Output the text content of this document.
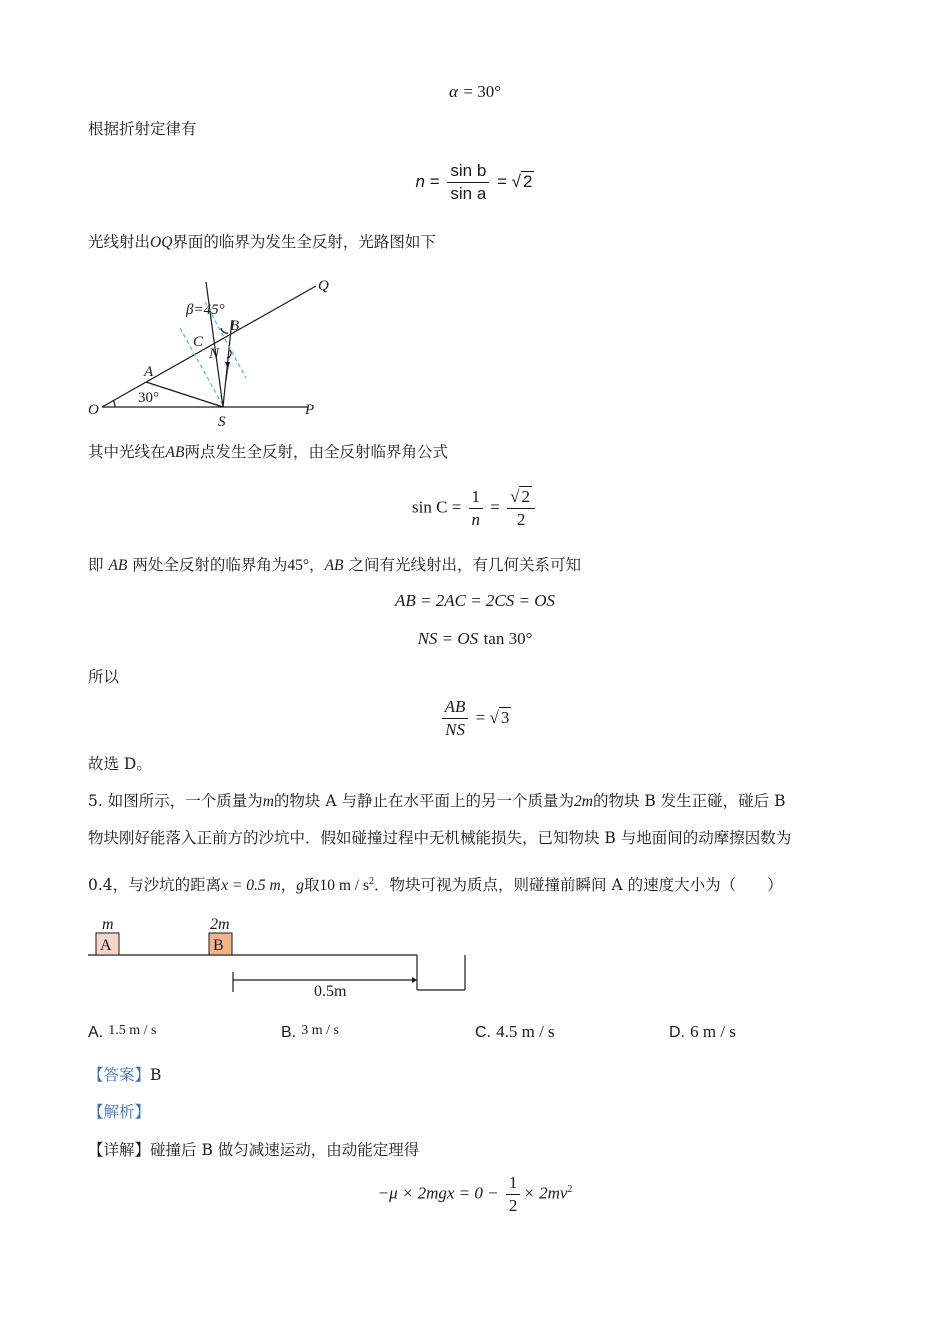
α = 30°
根据折射定律有
$n = \frac{\text{sin b}}{\text{sin a}}$ = √ 2
光线射出OQ界面的临界为发生全反射，光路图如下
Q
β=45°
B
C
N
A
O
30°
S
P
其中光线在AB两点发生全反射，由全反射临界角公式
$\sin C = \frac{1}{n} = \frac{√ 2}{2}$
即 AB 两处全反射的临界角为45°，AB 之间有光线射出，有几何关系可知
AB = 2AC = 2CS = OS
NS = OS tan 30°
所以
$\frac{AB}{NS}$ = √ 3
故选 D。
5. 如图所示，一个质量为m的物块 A 与静止在水平面上的另一个质量为2m的物块 B 发生正碰，碰后 B
物块刚好能落入正前方的沙坑中．假如碰撞过程中无机械能损失，已知物块 B 与地面间的动摩擦因数为
0.4，与沙坑的距离x = 0.5 m，g取10 m / $s^2$．物块可视为质点，则碰撞前瞬间 A 的速度大小为（　　）
m
A
2m
B
0.5m
A. 1.5 m / s	B. 3 m / s	C. 4.5 m / s	D. 6 m / s
【答案】B
【解析】
【详解】碰撞后 B 做匀减速运动，由动能定理得
$-\mu \times 2mgx = 0 - \frac{1}{2} \times 2mv^2$
